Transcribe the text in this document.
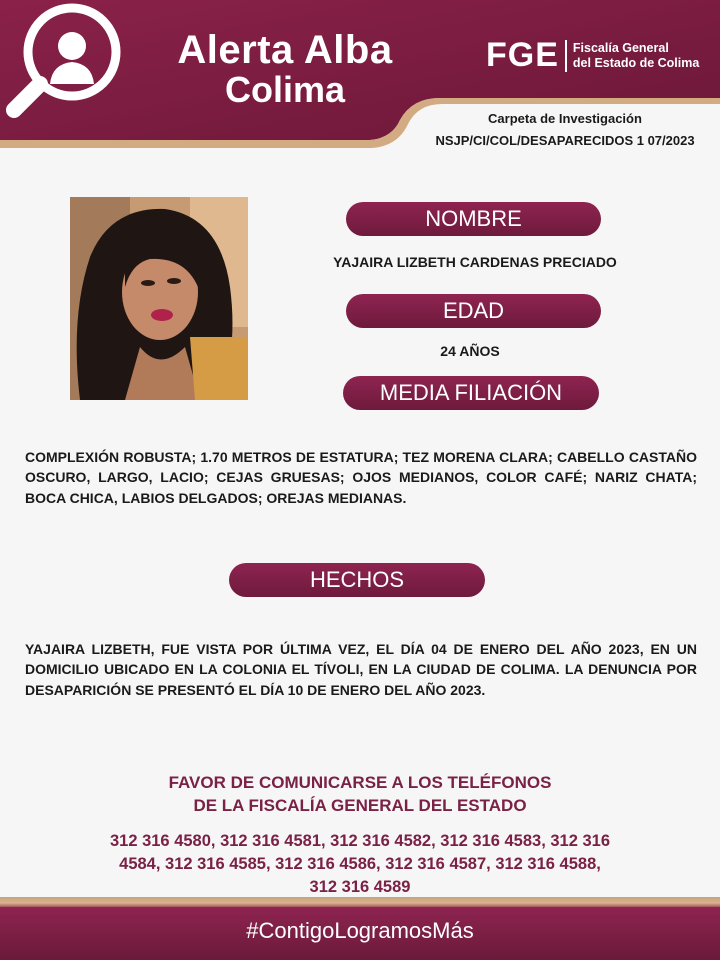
Alerta Alba
Colima
FGE Fiscalía General
del Estado de Colima
Carpeta de Investigación
NSJP/CI/COL/DESAPARECIDOS 1 07/2023
NOMBRE
YAJAIRA LIZBETH CARDENAS PRECIADO
EDAD
24 AÑOS
MEDIA FILIACIÓN
COMPLEXIÓN ROBUSTA; 1.70 METROS DE ESTATURA; TEZ MORENA CLARA; CABELLO CASTAÑO OSCURO, LARGO, LACIO; CEJAS GRUESAS; OJOS MEDIANOS, COLOR CAFÉ; NARIZ CHATA; BOCA CHICA, LABIOS DELGADOS; OREJAS MEDIANAS.
HECHOS
YAJAIRA LIZBETH, FUE VISTA POR ÚLTIMA VEZ, EL DÍA 04 DE ENERO DEL AÑO 2023, EN UN DOMICILIO UBICADO EN LA COLONIA EL TÍVOLI, EN LA CIUDAD DE COLIMA. LA DENUNCIA POR DESAPARICIÓN SE PRESENTÓ EL DÍA 10 DE ENERO DEL AÑO 2023.
FAVOR DE COMUNICARSE A LOS TELÉFONOS
DE LA FISCALÍA GENERAL DEL ESTADO
312 316 4580, 312 316 4581, 312 316 4582, 312 316 4583, 312 316
4584, 312 316 4585, 312 316 4586, 312 316 4587, 312 316 4588,
312 316 4589
#ContigoLogramosMás
